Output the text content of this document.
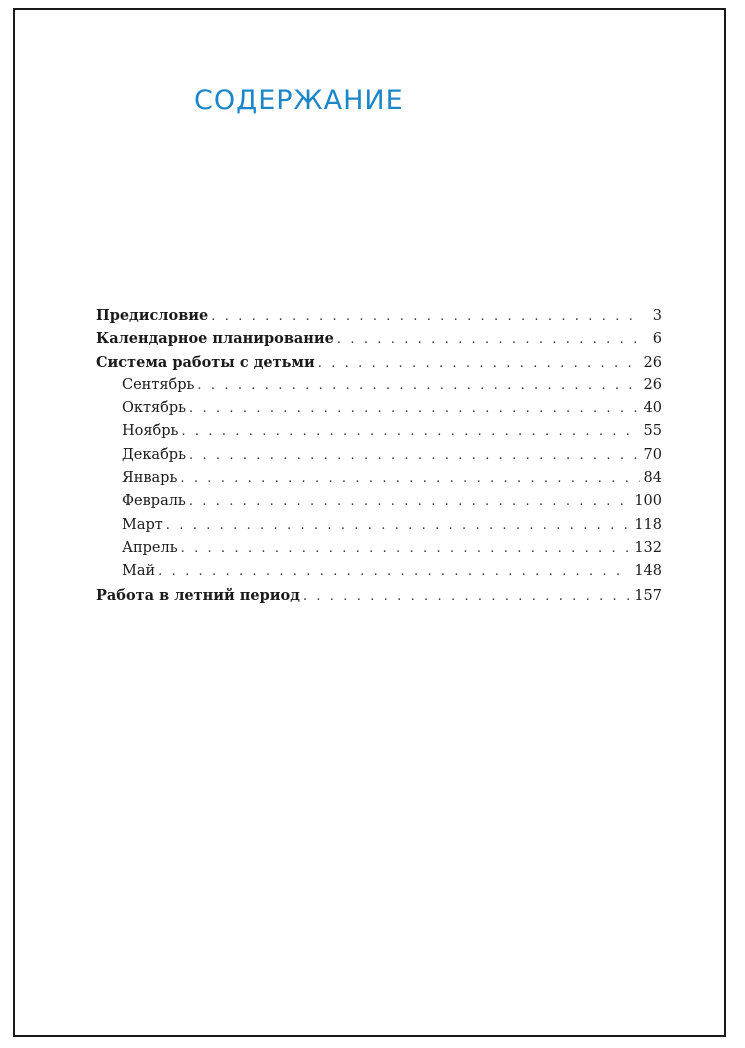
СОДЕРЖАНИЕ
Предисловие . . .	3
Календарное планирование . . .	6
Система работы с детьми . . .	26
Сентябрь . . .	26
Октябрь . . .	40
Ноябрь . . .	55
Декабрь . . .	70
Январь . . .	84
Февраль . . .	100
Март . . .	118
Апрель . . .	132
Май . . .	148
Работа в летний период . . .	157
